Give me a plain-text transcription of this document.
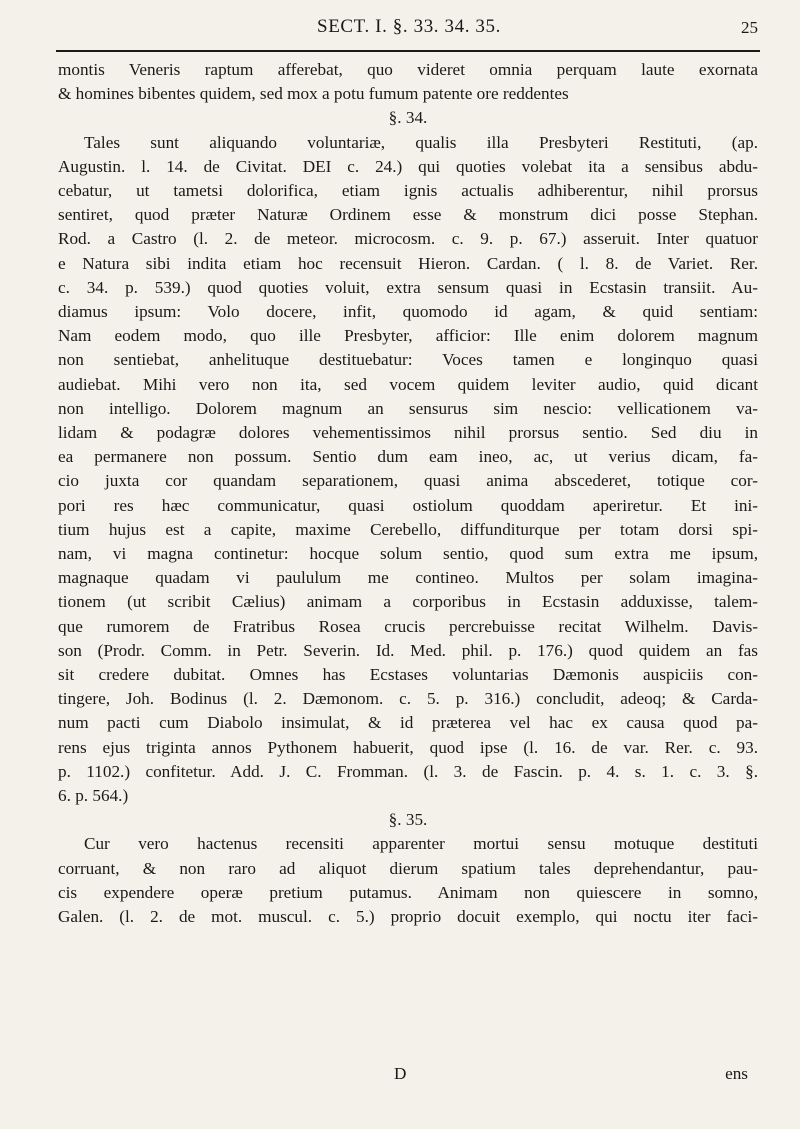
SECT. I. §. 33. 34. 35.	25
montis Veneris raptum afferebat, quo videret omnia perquam laute exornata
& homines bibentes quidem, sed mox a potu fumum patente ore reddentes
§. 34.
Tales sunt aliquando voluntariæ, qualis illa Presbyteri Restituti, (ap.
Augustin. l. 14. de Civitat. DEI c. 24.) qui quoties volebat ita a sensibus abdu-
cebatur, ut tametsi dolorifica, etiam ignis actualis adhiberentur, nihil prorsus
sentiret, quod præter Naturæ Ordinem esse & monstrum dici posse Stephan.
Rod. a Castro (l. 2. de meteor. microcosm. c. 9. p. 67.) asseruit. Inter quatuor
e Natura sibi indita etiam hoc recensuit Hieron. Cardan. ( l. 8. de Variet. Rer.
c. 34. p. 539.) quod quoties voluit, extra sensum quasi in Ecstasin transiit. Au-
diamus ipsum: Volo docere, infit, quomodo id agam, & quid sentiam:
Nam eodem modo, quo ille Presbyter, afficior: Ille enim dolorem magnum
non sentiebat, anhelituque destituebatur: Voces tamen e longinquo quasi
audiebat. Mihi vero non ita, sed vocem quidem leviter audio, quid dicant
non intelligo. Dolorem magnum an sensurus sim nescio: vellicationem va-
lidam & podagræ dolores vehementissimos nihil prorsus sentio. Sed diu in
ea permanere non possum. Sentio dum eam ineo, ac, ut verius dicam, fa-
cio juxta cor quandam separationem, quasi anima abscederet, totique cor-
pori res hæc communicatur, quasi ostiolum quoddam aperiretur. Et ini-
tium hujus est a capite, maxime Cerebello, diffunditurque per totam dorsi spi-
nam, vi magna continetur: hocque solum sentio, quod sum extra me ipsum,
magnaque quadam vi paululum me contineo. Multos per solam imagina-
tionem (ut scribit Cælius) animam a corporibus in Ecstasin adduxisse, talem-
que rumorem de Fratribus Rosea crucis percrebuisse recitat Wilhelm. Davis-
son (Prodr. Comm. in Petr. Severin. Id. Med. phil. p. 176.) quod quidem an fas
sit credere dubitat. Omnes has Ecstases voluntarias Dæmonis auspiciis con-
tingere, Joh. Bodinus (l. 2. Dæmonom. c. 5. p. 316.) concludit, adeoq; & Carda-
num pacti cum Diabolo insimulat, & id præterea vel hac ex causa quod pa-
rens ejus triginta annos Pythonem habuerit, quod ipse (l. 16. de var. Rer. c. 93.
p. 1102.) confitetur. Add. J. C. Fromman. (l. 3. de Fascin. p. 4. s. 1. c. 3. §.
6. p. 564.)
§. 35.
Cur vero hactenus recensiti apparenter mortui sensu motuque destituti
corruant, & non raro ad aliquot dierum spatium tales deprehendantur, pau-
cis expendere operæ pretium putamus. Animam non quiescere in somno,
Galen. (l. 2. de mot. muscul. c. 5.) proprio docuit exemplo, qui noctu iter faci-
D	ens
